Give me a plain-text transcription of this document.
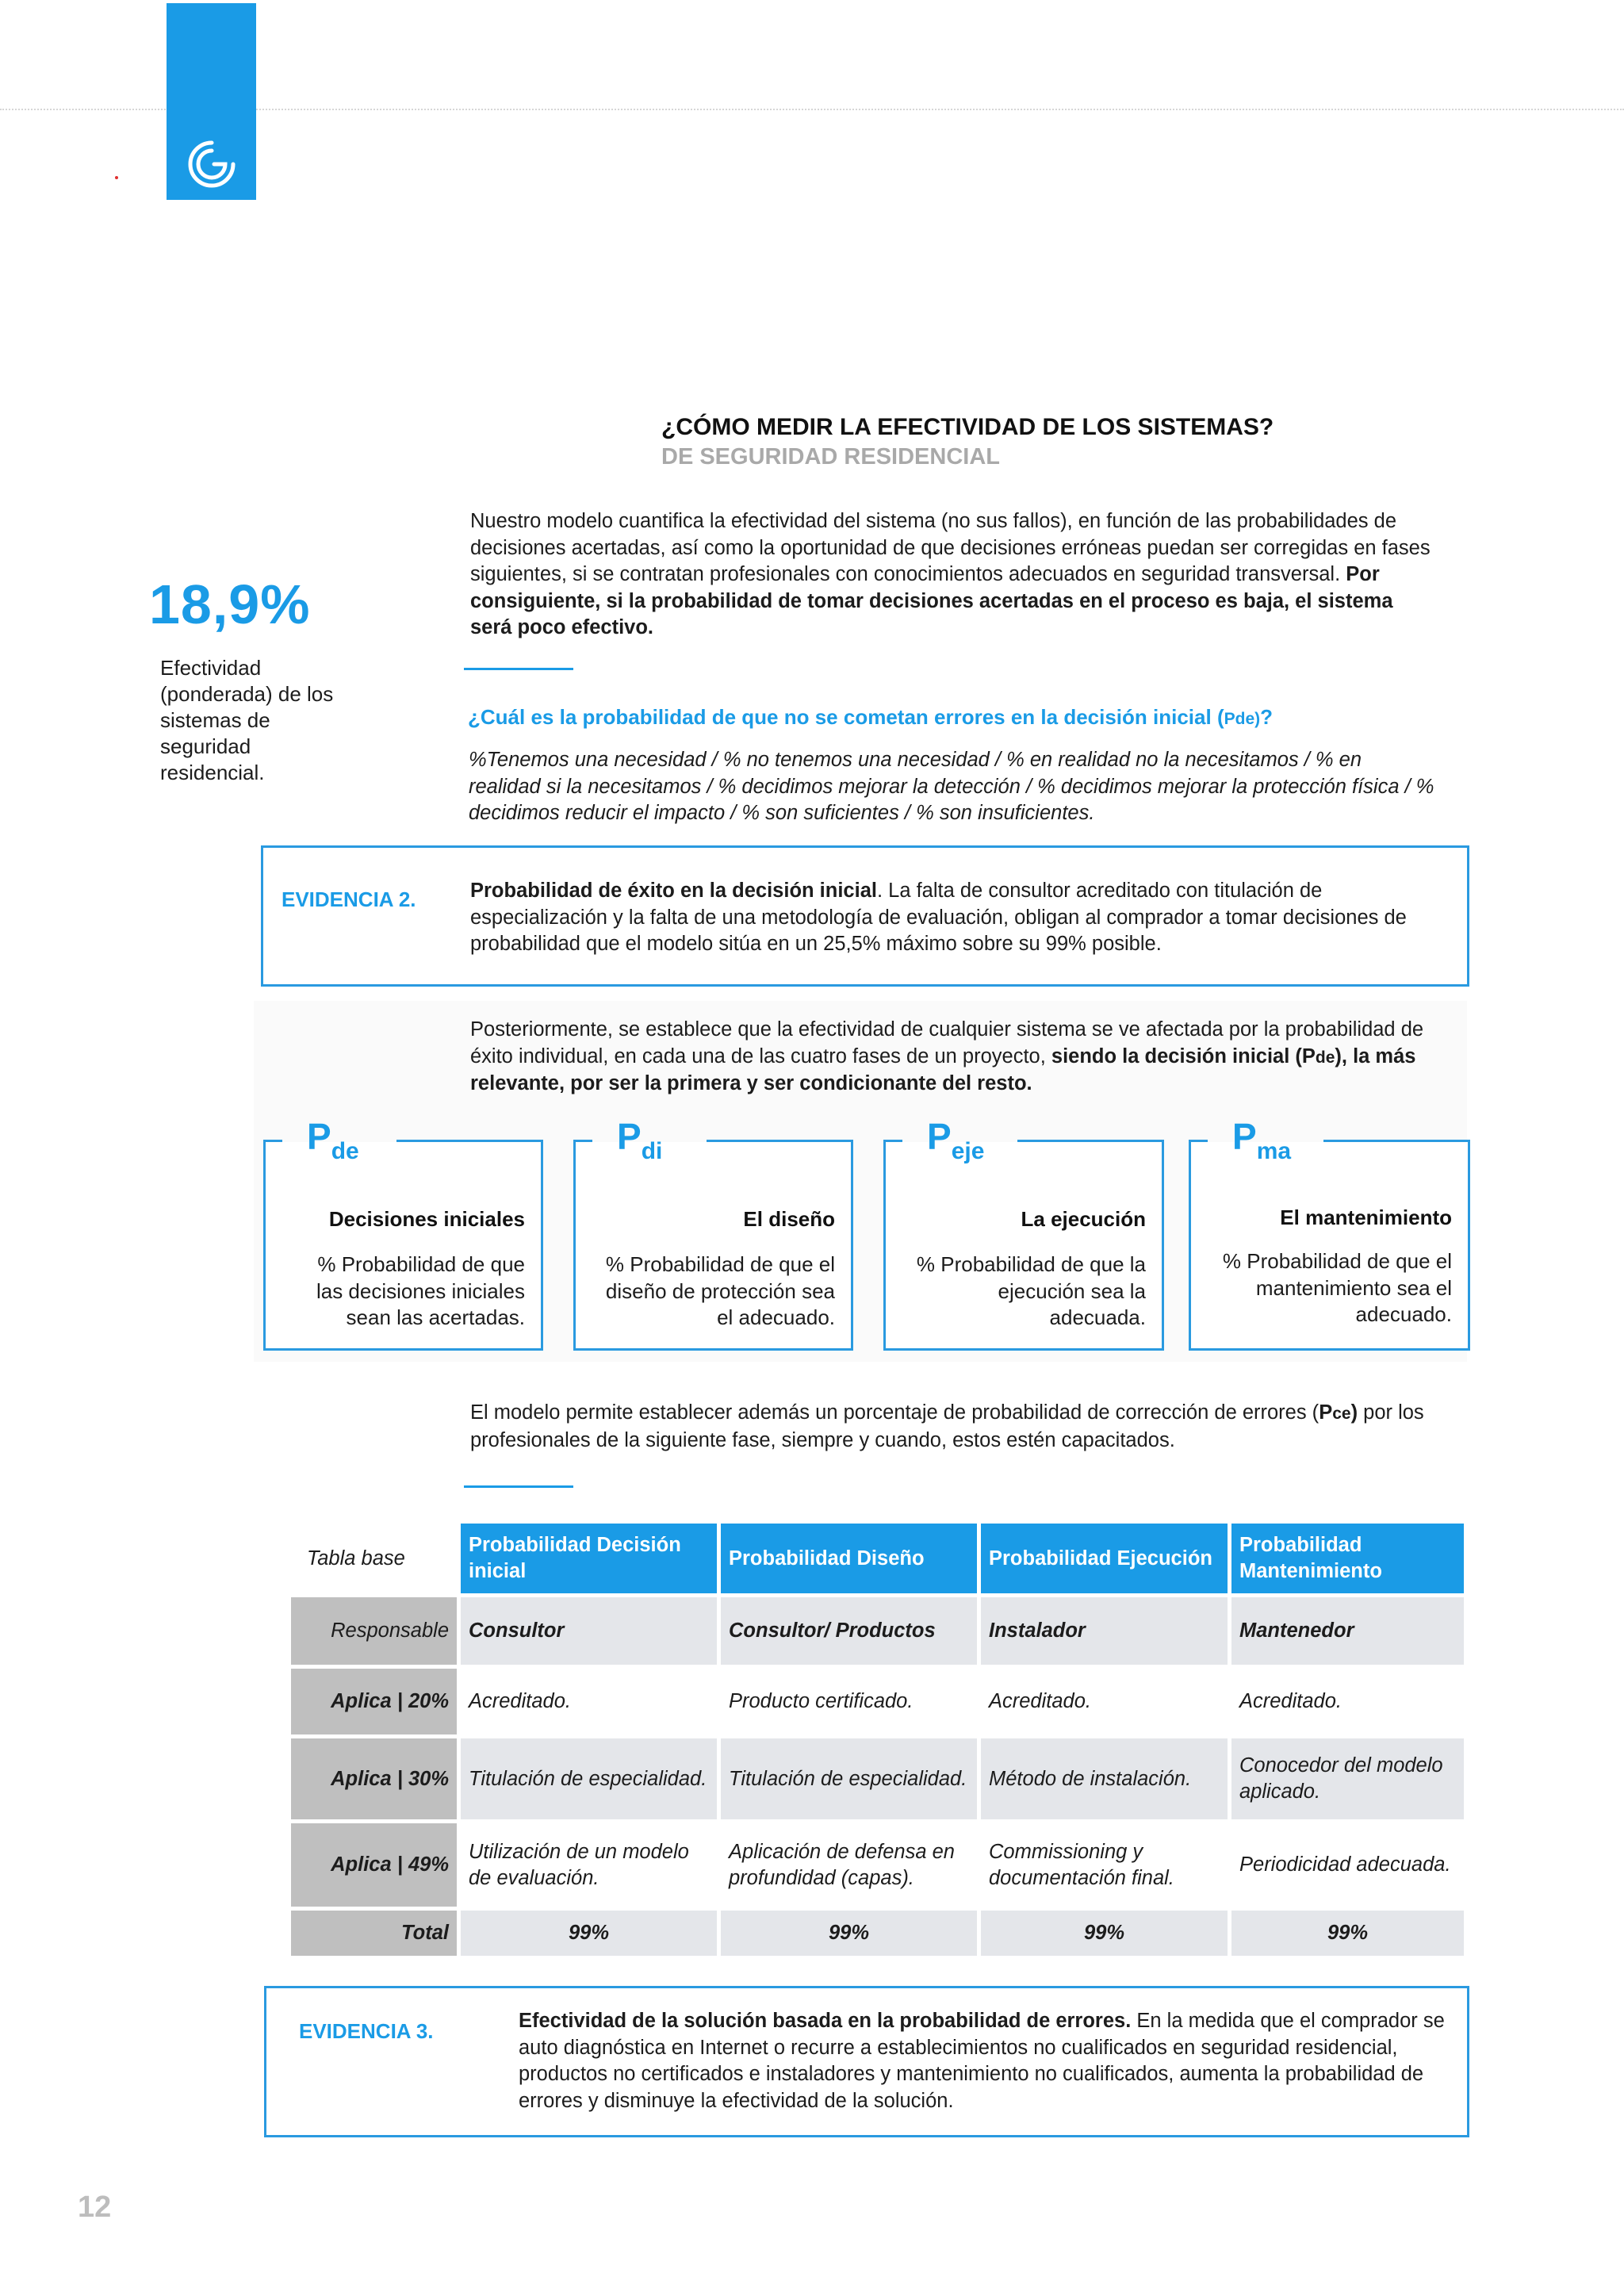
¿CÓMO MEDIR LA EFECTIVIDAD DE LOS SISTEMAS?
DE SEGURIDAD RESIDENCIAL
18,9%
Efectividad (ponderada) de los sistemas de seguridad residencial.
Nuestro modelo cuantifica la efectividad del sistema (no sus fallos), en función de las probabilidades de decisiones acertadas, así como la oportunidad de que decisiones erróneas puedan ser corregidas en fases siguientes, si se contratan profesionales con conocimientos adecuados en seguridad transversal. Por consiguiente, si la probabilidad de tomar decisiones acertadas en el proceso es baja, el sistema será poco efectivo.
¿Cuál es la probabilidad de que no se cometan errores en la decisión inicial (Pde)?
%Tenemos una necesidad / % no tenemos una necesidad / % en realidad no la necesitamos / % en realidad si la necesitamos / % decidimos mejorar la detección / % decidimos mejorar la protección física / % decidimos reducir el impacto / % son suficientes / % son insuficientes.
EVIDENCIA 2.	Probabilidad de éxito en la decisión inicial. La falta de consultor acreditado con titulación de especialización y la falta de una metodología de evaluación, obligan al comprador a tomar decisiones de probabilidad que el modelo sitúa en un 25,5% máximo sobre su 99% posible.
Posteriormente, se establece que la efectividad de cualquier sistema se ve afectada por la probabilidad de éxito individual, en cada una de las cuatro fases de un proyecto, siendo la decisión inicial (Pde), la más relevante, por ser la primera y ser condicionante del resto.
$P_{de}$
Decisiones iniciales
% Probabilidad de que las decisiones iniciales sean las acertadas.
$P_{di}$
El diseño
% Probabilidad de que el diseño de protección sea el adecuado.
$P_{eje}$
La ejecución
% Probabilidad de que la ejecución sea la adecuada.
$P_{ma}$
El mantenimiento
% Probabilidad de que el mantenimiento sea el adecuado.
El modelo permite establecer además un porcentaje de probabilidad de corrección de errores (Pce) por los profesionales de la siguiente fase, siempre y cuando, estos estén capacitados.
Tabla base	Probabilidad Decisión inicial	Probabilidad Diseño	Probabilidad Ejecución	Probabilidad Mantenimiento
Responsable	Consultor	Consultor/ Productos	Instalador	Mantenedor
Aplica | 20%	Acreditado.	Producto certificado.	Acreditado.	Acreditado.
Aplica | 30%	Titulación de especialidad.	Titulación de especialidad.	Método de instalación.	Conocedor del modelo aplicado.
Aplica | 49%	Utilización de un modelo de evaluación.	Aplicación de defensa en profundidad (capas).	Commissioning y documentación final.	Periodicidad adecuada.
Total	99%	99%	99%	99%
EVIDENCIA 3.	Efectividad de la solución basada en la probabilidad de errores. En la medida que el comprador se auto diagnóstica en Internet o recurre a establecimientos no cualificados en seguridad residencial, productos no certificados e instaladores y mantenimiento no cualificados, aumenta la probabilidad de errores y disminuye la efectividad de la solución.
12
